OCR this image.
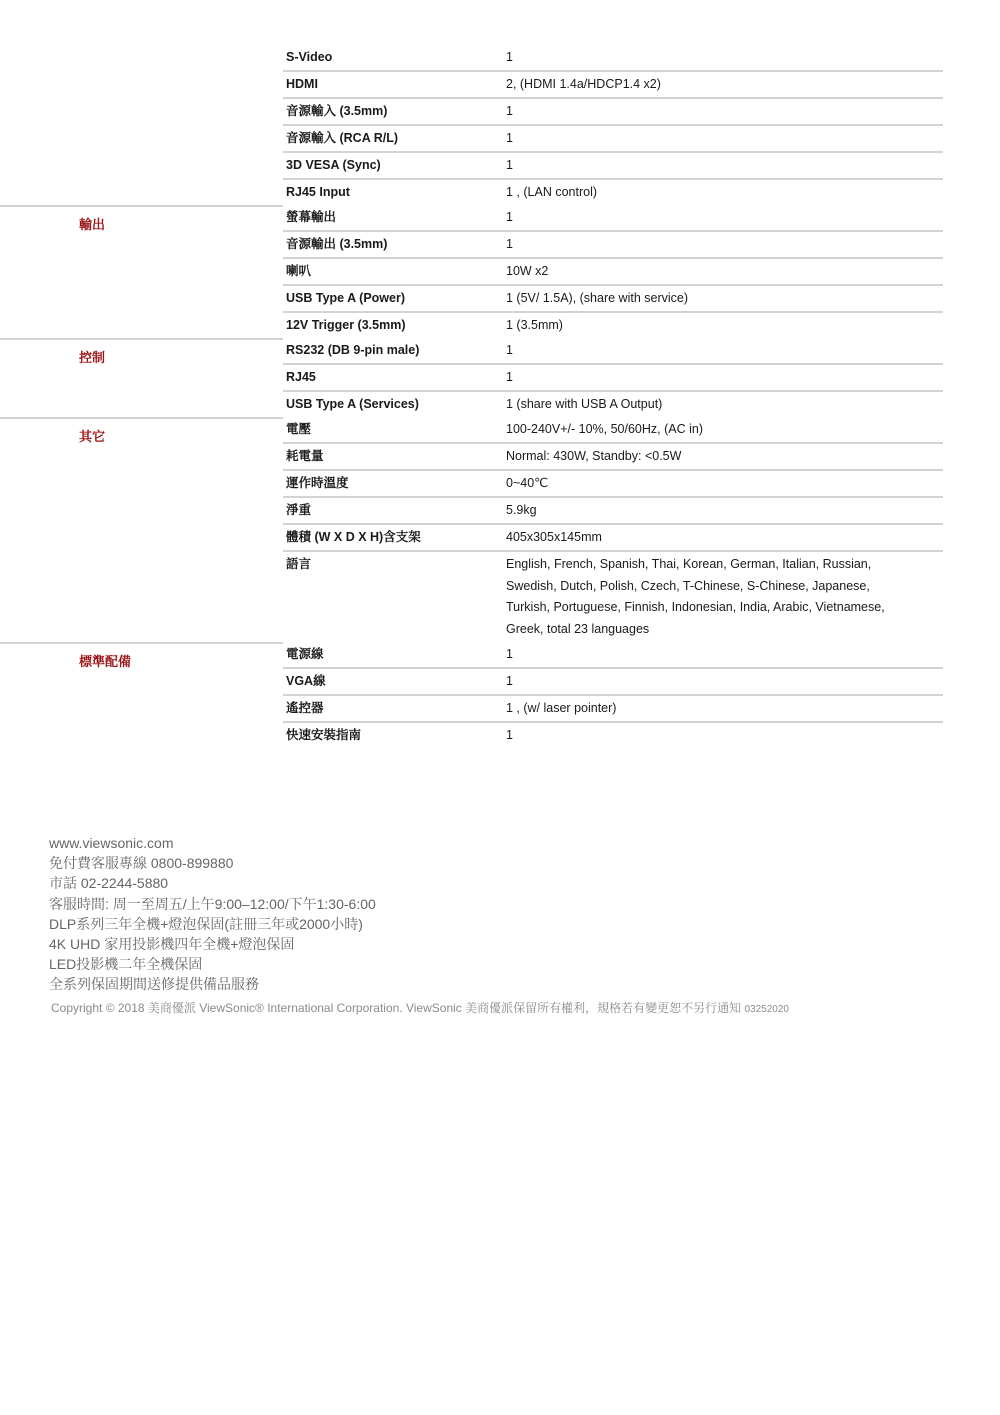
S-Video	1
HDMI	2, (HDMI 1.4a/HDCP1.4 x2)
音源輸入 (3.5mm)	1
音源輸入 (RCA R/L)	1
3D VESA (Sync)	1
RJ45 Input	1 , (LAN control)
輸出	螢幕輸出	1
音源輸出 (3.5mm)	1
喇叭	10W x2
USB Type A (Power)	1 (5V/ 1.5A), (share with service)
12V Trigger (3.5mm)	1 (3.5mm)
控制	RS232 (DB 9-pin male)	1
RJ45	1
USB Type A (Services)	1 (share with USB A Output)
其它	電壓	100-240V+/- 10%, 50/60Hz, (AC in)
耗電量	Normal: 430W, Standby: <0.5W
運作時溫度	0~40℃
淨重	5.9kg
體積 (W X D X H)含支架	405x305x145mm
語言	English, French, Spanish, Thai, Korean, German, Italian, Russian,
Swedish, Dutch, Polish, Czech, T-Chinese, S-Chinese, Japanese,
Turkish, Portuguese, Finnish, Indonesian, India, Arabic, Vietnamese,
Greek, total 23 languages
標準配備	電源線	1
VGA線	1
遙控器	1 , (w/ laser pointer)
快速安裝指南	1
www.viewsonic.com
免付費客服專線 0800-899880
市話 02-2244-5880
客服時間: 周一至周五/上午9:00–12:00/下午1:30-6:00
DLP系列三年全機+燈泡保固(註冊三年或2000小時)
4K UHD 家用投影機四年全機+燈泡保固
LED投影機二年全機保固
全系列保固期間送修提供備品服務
Copyright © 2018 美商優派 ViewSonic® International Corporation. ViewSonic 美商優派保留所有權利，規格若有變更恕不另行通知 03252020
